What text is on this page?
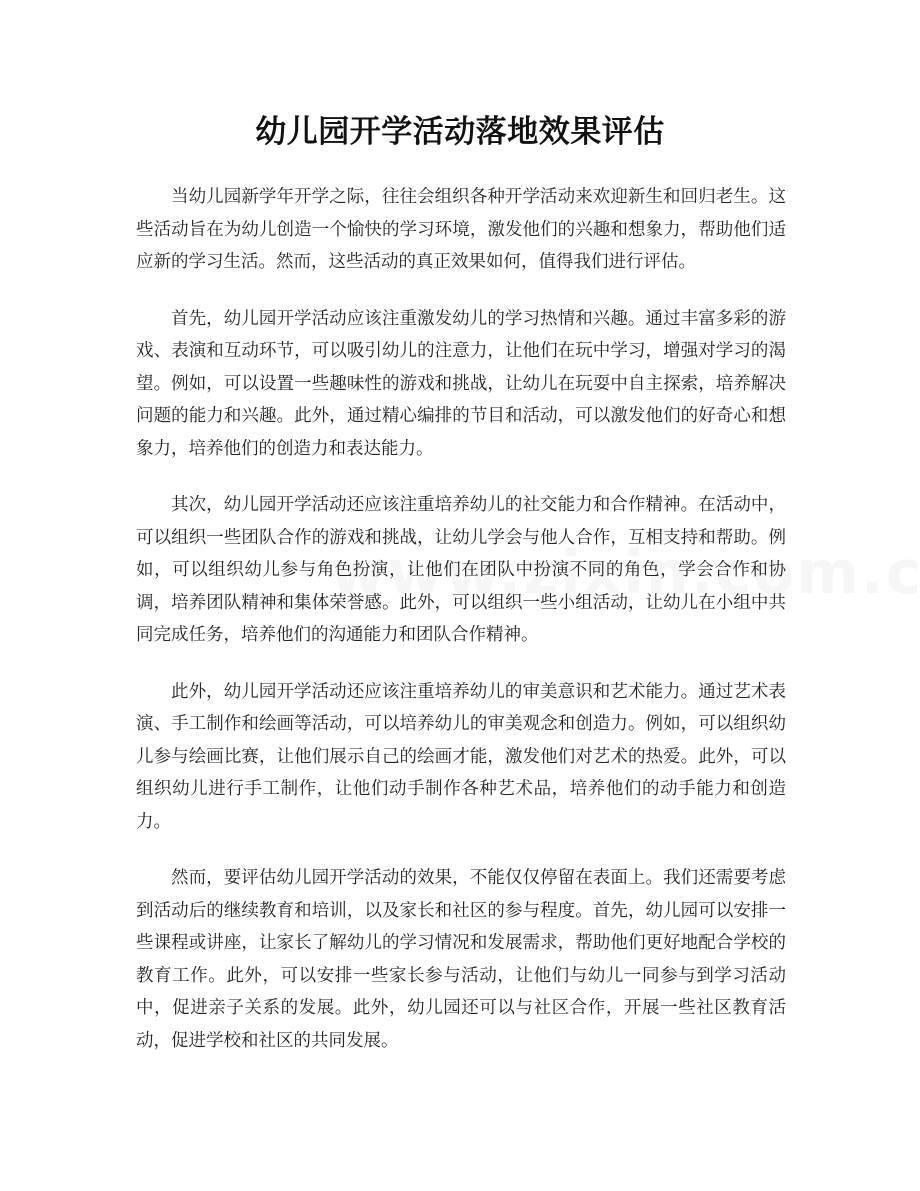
幼儿园开学活动落地效果评估

当幼儿园新学年开学之际，往往会组织各种开学活动来欢迎新生和回归老生。这些活动旨在为幼儿创造一个愉快的学习环境，激发他们的兴趣和想象力，帮助他们适应新的学习生活。然而，这些活动的真正效果如何，值得我们进行评估。

首先，幼儿园开学活动应该注重激发幼儿的学习热情和兴趣。通过丰富多彩的游戏、表演和互动环节，可以吸引幼儿的注意力，让他们在玩中学习，增强对学习的渴望。例如，可以设置一些趣味性的游戏和挑战，让幼儿在玩耍中自主探索，培养解决问题的能力和兴趣。此外，通过精心编排的节目和活动，可以激发他们的好奇心和想象力，培养他们的创造力和表达能力。

其次，幼儿园开学活动还应该注重培养幼儿的社交能力和合作精神。在活动中，可以组织一些团队合作的游戏和挑战，让幼儿学会与他人合作，互相支持和帮助。例如，可以组织幼儿参与角色扮演，让他们在团队中扮演不同的角色，学会合作和协调，培养团队精神和集体荣誉感。此外，可以组织一些小组活动，让幼儿在小组中共同完成任务，培养他们的沟通能力和团队合作精神。

此外，幼儿园开学活动还应该注重培养幼儿的审美意识和艺术能力。通过艺术表演、手工制作和绘画等活动，可以培养幼儿的审美观念和创造力。例如，可以组织幼儿参与绘画比赛，让他们展示自己的绘画才能，激发他们对艺术的热爱。此外，可以组织幼儿进行手工制作，让他们动手制作各种艺术品，培养他们的动手能力和创造力。

然而，要评估幼儿园开学活动的效果，不能仅仅停留在表面上。我们还需要考虑到活动后的继续教育和培训，以及家长和社区的参与程度。首先，幼儿园可以安排一些课程或讲座，让家长了解幼儿的学习情况和发展需求，帮助他们更好地配合学校的教育工作。此外，可以安排一些家长参与活动，让他们与幼儿一同参与到学习活动中，促进亲子关系的发展。此外，幼儿园还可以与社区合作，开展一些社区教育活动，促进学校和社区的共同发展。
